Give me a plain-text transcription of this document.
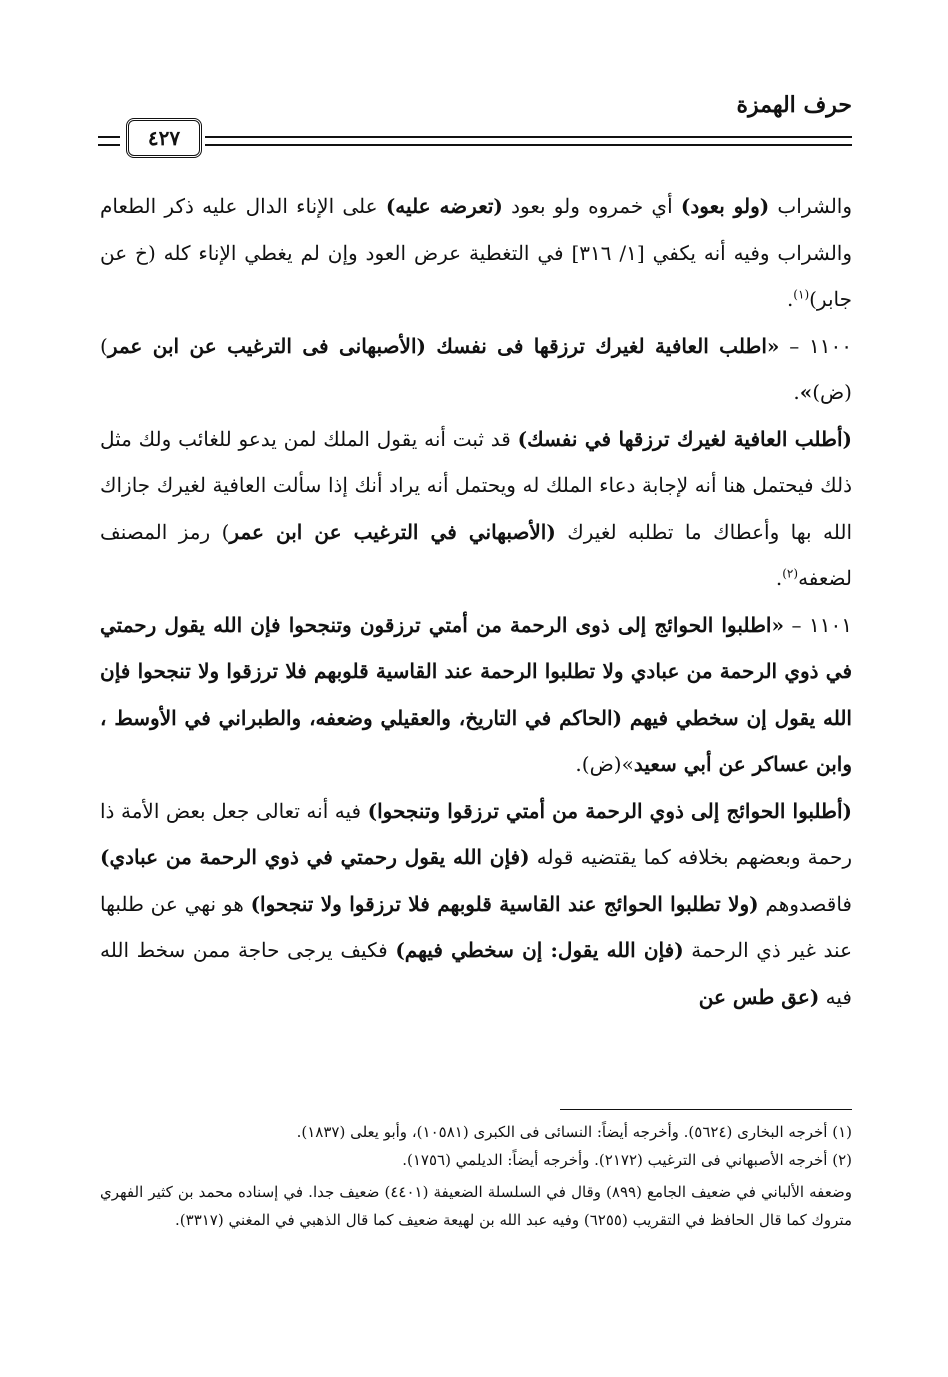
حرف الهمزة
٤٢٧

والشراب (ولو بعود) أي خمروه ولو بعود (تعرضه عليه) على الإناء الدال عليه ذكر الطعام والشراب وفيه أنه يكفي [١/ ٣١٦] في التغطية عرض العود وإن لم يغطي الإناء كله (خ عن جابر)$^{(١)}$.

١١٠٠ – «اطلب العافية لغيرك ترزقها فى نفسك (الأصبهانى فى الترغيب عن ابن عمر)(ض)».

(أطلب العافية لغيرك ترزقها في نفسك) قد ثبت أنه يقول الملك لمن يدعو للغائب ولك مثل ذلك فيحتمل هنا أنه لإجابة دعاء الملك له ويحتمل أنه يراد أنك إذا سألت العافية لغيرك جازاك الله بها وأعطاك ما تطلبه لغيرك (الأصبهاني في الترغيب عن ابن عمر) رمز المصنف لضعفه$^{(٢)}$.

١١٠١ – «اطلبوا الحوائج إلى ذوى الرحمة من أمتي ترزقون وتنجحوا فإن الله يقول رحمتي في ذوي الرحمة من عبادي ولا تطلبوا الرحمة عند القاسية قلوبهم فلا ترزقوا ولا تنجحوا فإن الله يقول إن سخطي فيهم (الحاكم في التاريخ، والعقيلي وضعفه، والطبراني في الأوسط ، وابن عساكر عن أبي سعيد»(ض).

(أطلبوا الحوائج إلى ذوي الرحمة من أمتي ترزقوا وتنجحوا) فيه أنه تعالى جعل بعض الأمة ذا رحمة وبعضهم بخلافه كما يقتضيه قوله (فإن الله يقول رحمتي في ذوي الرحمة من عبادي) فاقصدوهم (ولا تطلبوا الحوائج عند القاسية قلوبهم فلا ترزقوا ولا تنجحوا) هو نهي عن طلبها عند غير ذي الرحمة (فإن الله يقول: إن سخطي فيهم) فكيف يرجى حاجة ممن سخط الله فيه (عق طس عن

(١) أخرجه البخارى (٥٦٢٤). وأخرجه أيضاً: النسائى فى الكبرى (١٠٥٨١)، وأبو يعلى (١٨٣٧).

(٢) أخرجه الأصبهاني فى الترغيب (٢١٧٢). وأخرجه أيضاً: الديلمي (١٧٥٦).

وضعفه الألباني في ضعيف الجامع (٨٩٩) وقال في السلسلة الضعيفة (٤٤٠١) ضعيف جدا. في إسناده محمد بن كثير الفهري متروك كما قال الحافظ في التقريب (٦٢٥٥) وفيه عبد الله بن لهيعة ضعيف كما قال الذهبي في المغني (٣٣١٧).
